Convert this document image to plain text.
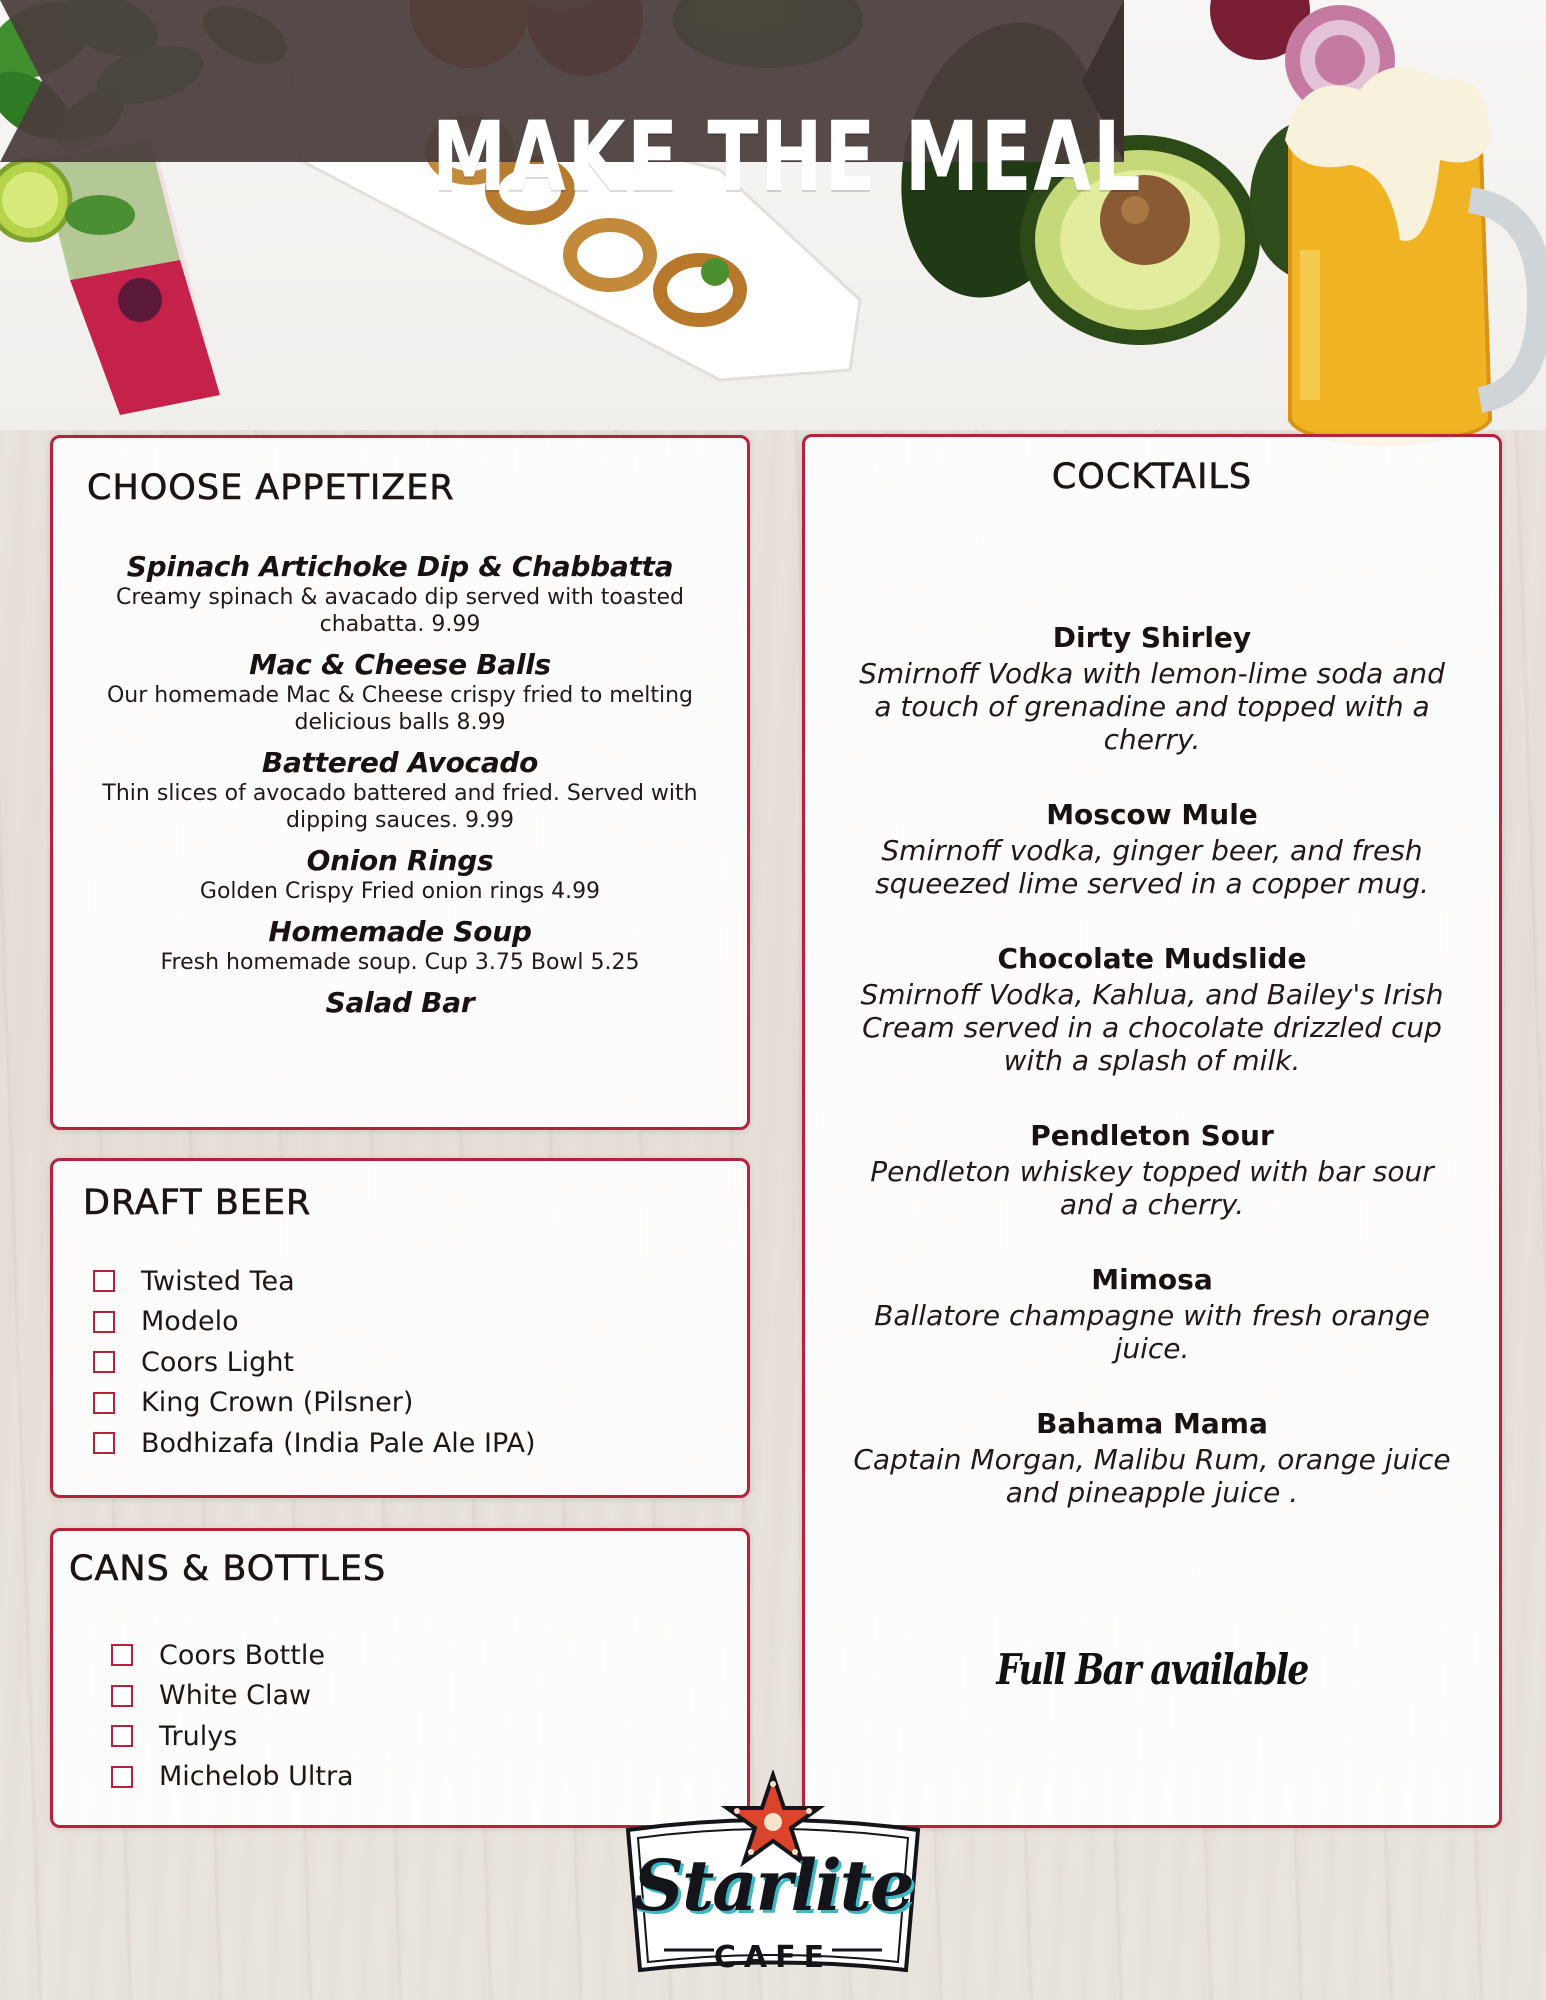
MAKE THE MEAL
CHOOSE APPETIZER
Spinach Artichoke Dip & Chabbatta
Creamy spinach & avacado dip served with toasted chabatta. 9.99
Mac & Cheese Balls
Our homemade Mac & Cheese crispy fried to melting delicious balls 8.99
Battered Avocado
Thin slices of avocado battered and fried. Served with dipping sauces. 9.99
Onion Rings
Golden Crispy Fried onion rings 4.99
Homemade Soup
Fresh homemade soup. Cup 3.75 Bowl 5.25
Salad Bar
DRAFT BEER
Twisted Tea
Modelo
Coors Light
King Crown (Pilsner)
Bodhizafa (India Pale Ale IPA)
CANS & BOTTLES
Coors Bottle
White Claw
Trulys
Michelob Ultra
COCKTAILS
Dirty Shirley
Smirnoff Vodka with lemon-lime soda and a touch of grenadine and topped with a cherry.
Moscow Mule
Smirnoff vodka, ginger beer, and fresh squeezed lime served in a copper mug.
Chocolate Mudslide
Smirnoff Vodka, Kahlua, and Bailey's Irish Cream served in a chocolate drizzled cup with a splash of milk.
Pendleton Sour
Pendleton whiskey topped with bar sour and a cherry.
Mimosa
Ballatore champagne with fresh orange juice.
Bahama Mama
Captain Morgan, Malibu Rum, orange juice and pineapple juice .
Full Bar available
Starlite
CAFE
